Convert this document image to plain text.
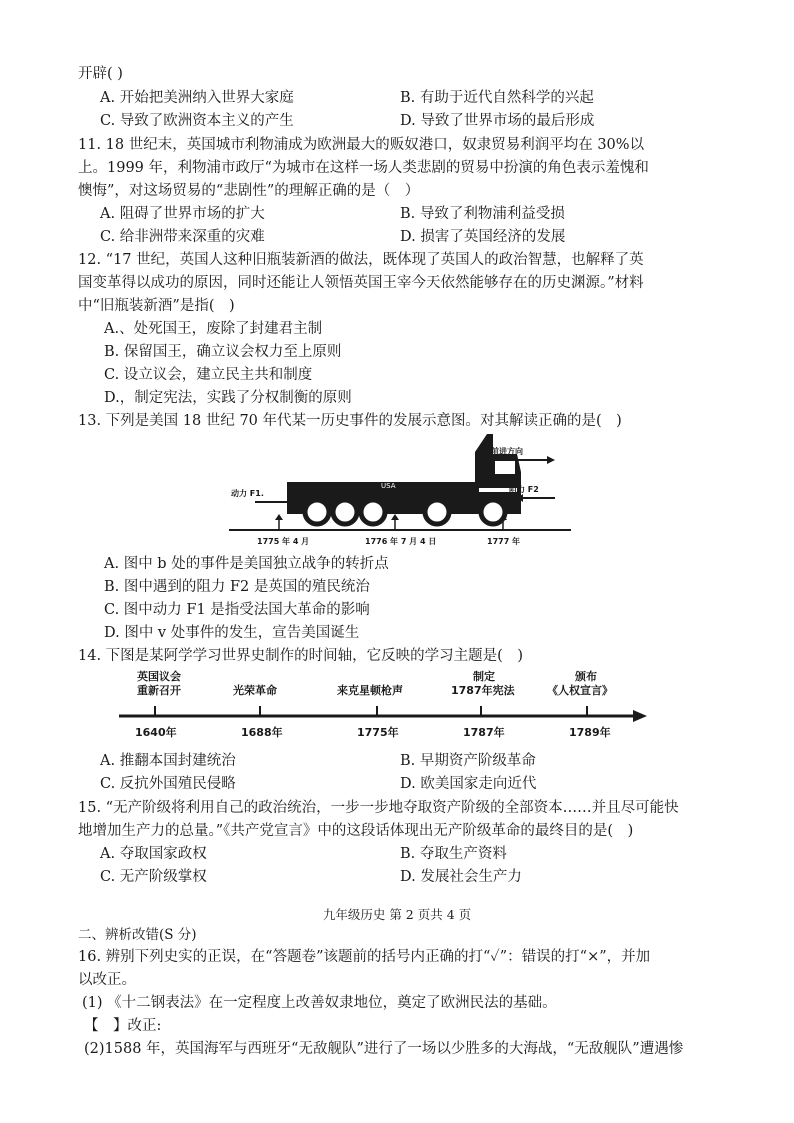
开辟( )
A. 开始把美洲纳入世界大家庭	B. 有助于近代自然科学的兴起
C. 导致了欧洲资本主义的产生	D. 导致了世界市场的最后形成
11. 18 世纪末，英国城市利物浦成为欧洲最大的贩奴港口，奴隶贸易利润平均在 30%以
上。1999 年，利物浦市政厅“为城市在这样一场人类悲剧的贸易中扮演的角色表示羞愧和
懊悔”，对这场贸易的“悲剧性”的理解正确的是（　）
A. 阻碍了世界市场的扩大	B. 导致了利物浦利益受损
C. 给非洲带来深重的灾难	D. 损害了英国经济的发展
12. “17 世纪，英国人这种旧瓶装新酒的做法，既体现了英国人的政治智慧，也解释了英
国变革得以成功的原因，同时还能让人领悟英国王宰今天依然能够存在的历史渊源。”材料
中“旧瓶装新酒”是指(　)
A.、处死国王，废除了封建君主制
B. 保留国王，确立议会权力至上原则
C. 设立议会，建立民主共和制度
D.，制定宪法，实践了分权制衡的原则
13. 下列是美国 18 世纪 70 年代某一历史事件的发展示意图。对其解读正确的是(　)
USA
动力 F1.
前进方向
阻力 F2
1775 年 4 月	1776 年 7 月 4 日	1777 年
A. 图中 b 处的事件是美国独立战争的转折点
B. 图中遇到的阻力 F2 是英国的殖民统治
C. 图中动力 F1 是指受法国大革命的影响
D. 图中 v 处事件的发生，宣告美国诞生
14. 下图是某阿学学习世界史制作的时间轴，它反映的学习主题是(　)
英国议会
重新召开
1640年
光荣革命
1688年
来克星顿枪声
1775年
制定
1787年宪法
1787年
颁布
《人权宣言》
1789年
A. 推翻本国封建统治	B. 早期资产阶级革命
C. 反抗外国殖民侵略	D. 欧美国家走向近代
15. “无产阶级将利用自己的政治统治，一步一步地夺取资产阶级的全部资本……并且尽可能快
地增加生产力的总量。”《共产党宣言》中的这段话体现出无产阶级革命的最终目的是(　)
A. 夺取国家政权	B. 夺取生产资料
C. 无产阶级掌权	D. 发展社会生产力
九年级历史 第 2 页共 4 页
二、辨析改错(S 分)
16. 辨别下列史实的正误，在“答题卷”该题前的括号内正确的打“✓”：错误的打“×”，并加
以改正。
(1) 《十二钢表法》在一定程度上改善奴隶地位，奠定了欧洲民法的基础。
【　】改正:
(2)1588 年，英国海军与西班牙“无敌舰队”进行了一场以少胜多的大海战，“无敌舰队”遭遇惨
